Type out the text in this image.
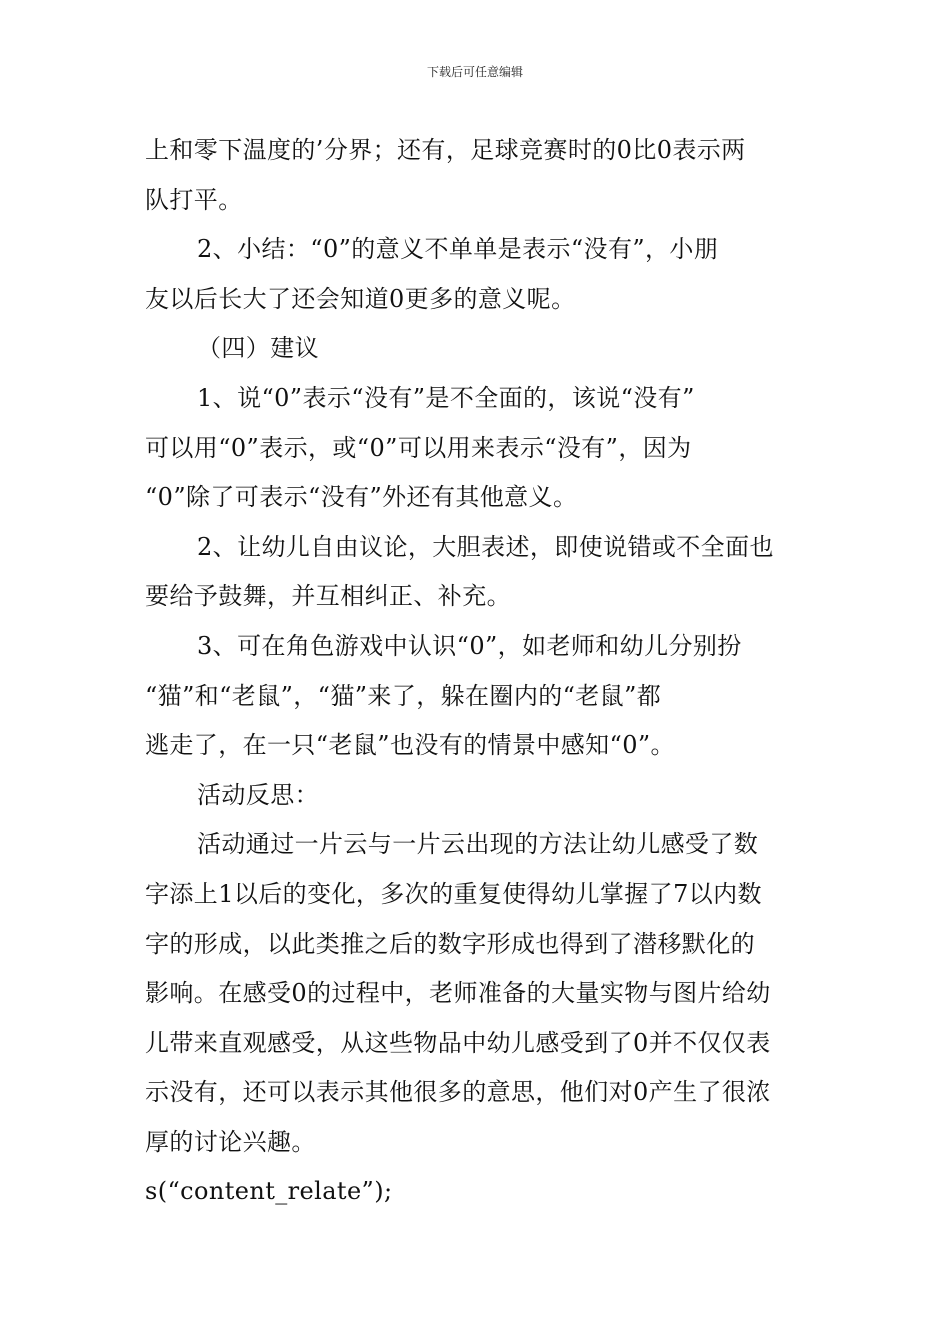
下载后可任意编辑
上和零下温度的’分界；还有，足球竞赛时的0比0表示两
队打平。
2、小结：“0”的意义不单单是表示“没有”，小朋
友以后长大了还会知道0更多的意义呢。
（四）建议
1、说“0”表示“没有”是不全面的，该说“没有”
可以用“0”表示，或“0”可以用来表示“没有”，因为
“0”除了可表示“没有”外还有其他意义。
2、让幼儿自由议论，大胆表述，即使说错或不全面也
要给予鼓舞，并互相纠正、补充。
3、可在角色游戏中认识“0”，如老师和幼儿分别扮
“猫”和“老鼠”，“猫”来了，躲在圈内的“老鼠”都
逃走了，在一只“老鼠”也没有的情景中感知“0”。
活动反思：
活动通过一片云与一片云出现的方法让幼儿感受了数
字添上1以后的变化，多次的重复使得幼儿掌握了7以内数
字的形成，以此类推之后的数字形成也得到了潜移默化的
影响。在感受0的过程中，老师准备的大量实物与图片给幼
儿带来直观感受，从这些物品中幼儿感受到了0并不仅仅表
示没有，还可以表示其他很多的意思，他们对0产生了很浓
厚的讨论兴趣。
s(“content_relate”);
